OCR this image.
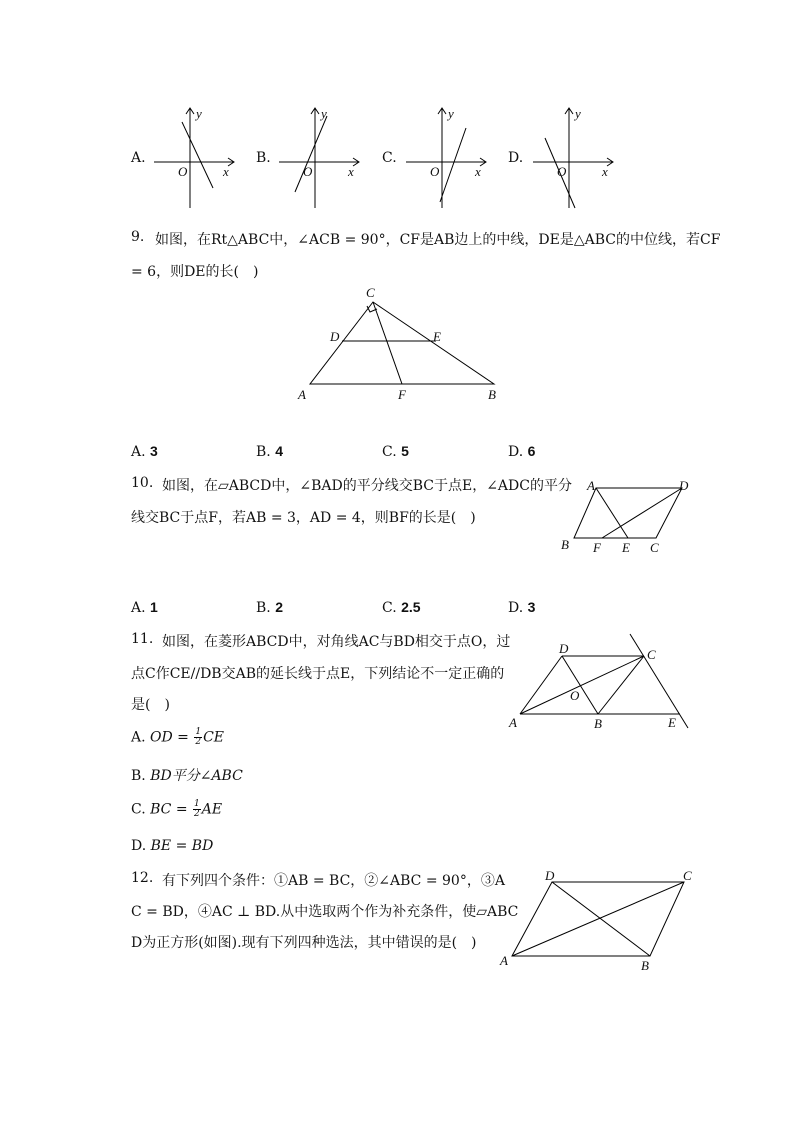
A.
y
O	x
B.
y
O	x
C.
y
O	x
D.
y
O	x
9. 如图，在Rt△ABC中，∠ACB = 90°，CF是AB边上的中线，DE是△ABC的中位线，若CF
= 6，则DE的长(　)
C
D	E
A	F	B
A. 3	B. 4	C. 5	D. 6
10. 如图，在▱ABCD中，∠BAD的平分线交BC于点E，∠ADC的平分
线交BC于点F，若AB = 3，AD = 4，则BF的长是(　)
A	D
B F E C
A. 1	B. 2	C. 2.5	D. 3
11. 如图，在菱形ABCD中，对角线AC与BD相交于点O，过
点C作CE//DB交AB的延长线于点E，下列结论不一定正确的
是(　)
D	C
O
A	B	E
A. OD = $\frac{1}{2}$ CE
B. BD平分∠ABC
C. BC = $\frac{1}{2}$ AE
D. BE = BD
12. 有下列四个条件：①AB = BC，②∠ABC = 90°，③A
C = BD，④AC ⊥ BD.从中选取两个作为补充条件，使▱ABC
D为正方形(如图).现有下列四种选法，其中错误的是(　)
D	C
A	B
